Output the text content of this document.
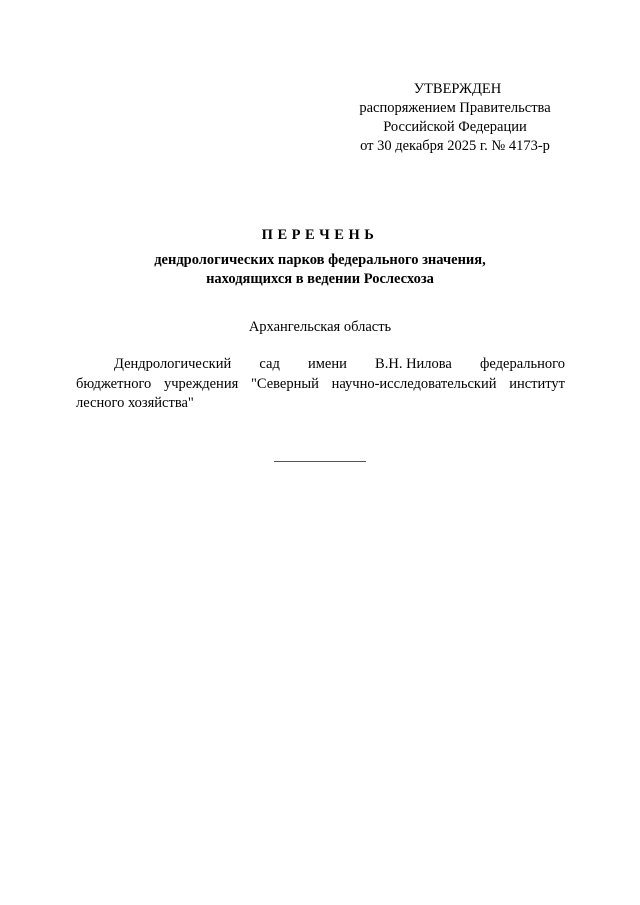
УТВЕРЖДЕН
распоряжением Правительства
Российской Федерации
от 30 декабря 2025 г. № 4173-р
ПЕРЕЧЕНЬ
дендрологических парков федерального значения,
находящихся в ведении Рослесхоза
Архангельская область
Дендрологический сад имени В.Н. Нилова федерального
бюджетного учреждения "Северный научно-исследовательский институт
лесного хозяйства"
